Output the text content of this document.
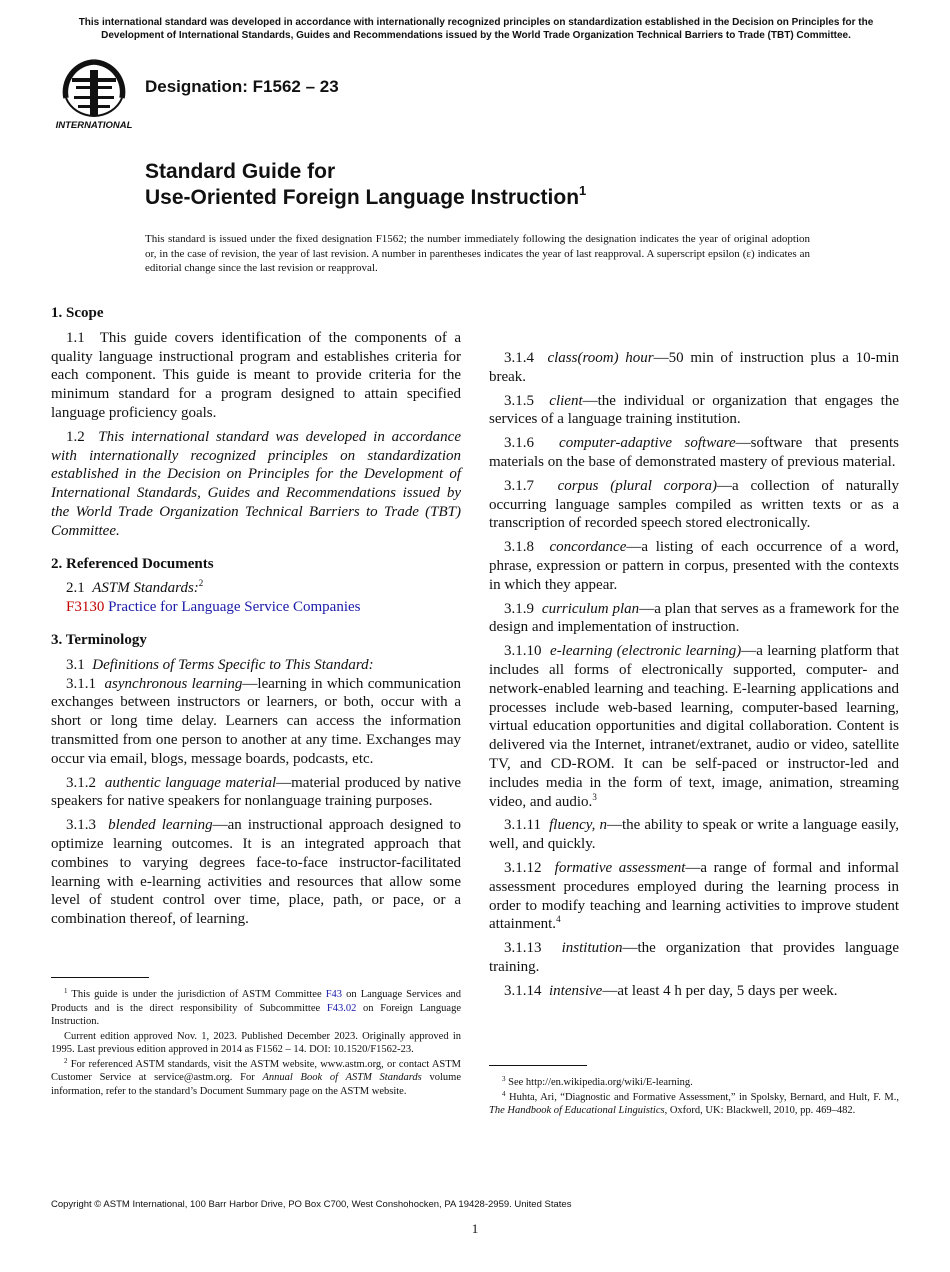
This international standard was developed in accordance with internationally recognized principles on standardization established in the Decision on Principles for the Development of International Standards, Guides and Recommendations issued by the World Trade Organization Technical Barriers to Trade (TBT) Committee.
INTERNATIONAL
Designation: F1562 – 23
Standard Guide for
Use-Oriented Foreign Language Instruction$^1$
This standard is issued under the fixed designation F1562; the number immediately following the designation indicates the year of original adoption or, in the case of revision, the year of last revision. A number in parentheses indicates the year of last reapproval. A superscript epsilon (ε) indicates an editorial change since the last revision or reapproval.
1. Scope

1.1 This guide covers identification of the components of a quality language instructional program and establishes criteria for each component. This guide is meant to provide criteria for the minimum standard for a program designed to attain specified language proficiency goals.

1.2 This international standard was developed in accordance with internationally recognized principles on standardization established in the Decision on Principles for the Development of International Standards, Guides and Recommendations issued by the World Trade Organization Technical Barriers to Trade (TBT) Committee.

2. Referenced Documents

2.1 ASTM Standards:$^2$

F3130 Practice for Language Service Companies

3. Terminology

3.1 Definitions of Terms Specific to This Standard:

3.1.1 asynchronous learning—learning in which communication exchanges between instructors or learners, or both, occur with a short or long time delay. Learners can access the information transmitted from one person to another at any time. Exchanges may occur via email, blogs, message boards, podcasts, etc.

3.1.2 authentic language material—material produced by native speakers for native speakers for nonlanguage training purposes.

3.1.3 blended learning—an instructional approach designed to optimize learning outcomes. It is an integrated approach that combines to varying degrees face-to-face instructor-facilitated learning with e-learning activities and resources that allow some level of student control over time, place, path, or pace, or a combination thereof, of learning.

3.1.4 class(room) hour—50 min of instruction plus a 10-min break.

3.1.5 client—the individual or organization that engages the services of a language training institution.

3.1.6 computer-adaptive software—software that presents materials on the base of demonstrated mastery of previous material.

3.1.7 corpus (plural corpora)—a collection of naturally occurring language samples compiled as written texts or as a transcription of recorded speech stored electronically.

3.1.8 concordance—a listing of each occurrence of a word, phrase, expression or pattern in corpus, presented with the contexts in which they appear.

3.1.9 curriculum plan—a plan that serves as a framework for the design and implementation of instruction.

3.1.10 e-learning (electronic learning)—a learning platform that includes all forms of electronically supported, computer- and network-enabled learning and teaching. E-learning applications and processes include web-based learning, computer-based learning, virtual education opportunities and digital collaboration. Content is delivered via the Internet, intranet/extranet, audio or video, satellite TV, and CD-ROM. It can be self-paced or instructor-led and includes media in the form of text, image, animation, streaming video, and audio.$^3$

3.1.11 fluency, n—the ability to speak or write a language easily, well, and quickly.

3.1.12 formative assessment—a range of formal and informal assessment procedures employed during the learning process in order to modify teaching and learning activities to improve student attainment.$^4$

3.1.13 institution—the organization that provides language training.

3.1.14 intensive—at least 4 h per day, 5 days per week.

$^1$ This guide is under the jurisdiction of ASTM Committee F43 on Language Services and Products and is the direct responsibility of Subcommittee F43.02 on Foreign Language Instruction.

Current edition approved Nov. 1, 2023. Published December 2023. Originally approved in 1995. Last previous edition approved in 2014 as F1562 – 14. DOI: 10.1520/F1562-23.

$^2$ For referenced ASTM standards, visit the ASTM website, www.astm.org, or contact ASTM Customer Service at service@astm.org. For Annual Book of ASTM Standards volume information, refer to the standard’s Document Summary page on the ASTM website.

$^3$ See http://en.wikipedia.org/wiki/E-learning.

$^4$ Huhta, Ari, “Diagnostic and Formative Assessment,” in Spolsky, Bernard, and Hult, F. M., The Handbook of Educational Linguistics, Oxford, UK: Blackwell, 2010, pp. 469–482.

Copyright © ASTM International, 100 Barr Harbor Drive, PO Box C700, West Conshohocken, PA 19428-2959. United States
1
